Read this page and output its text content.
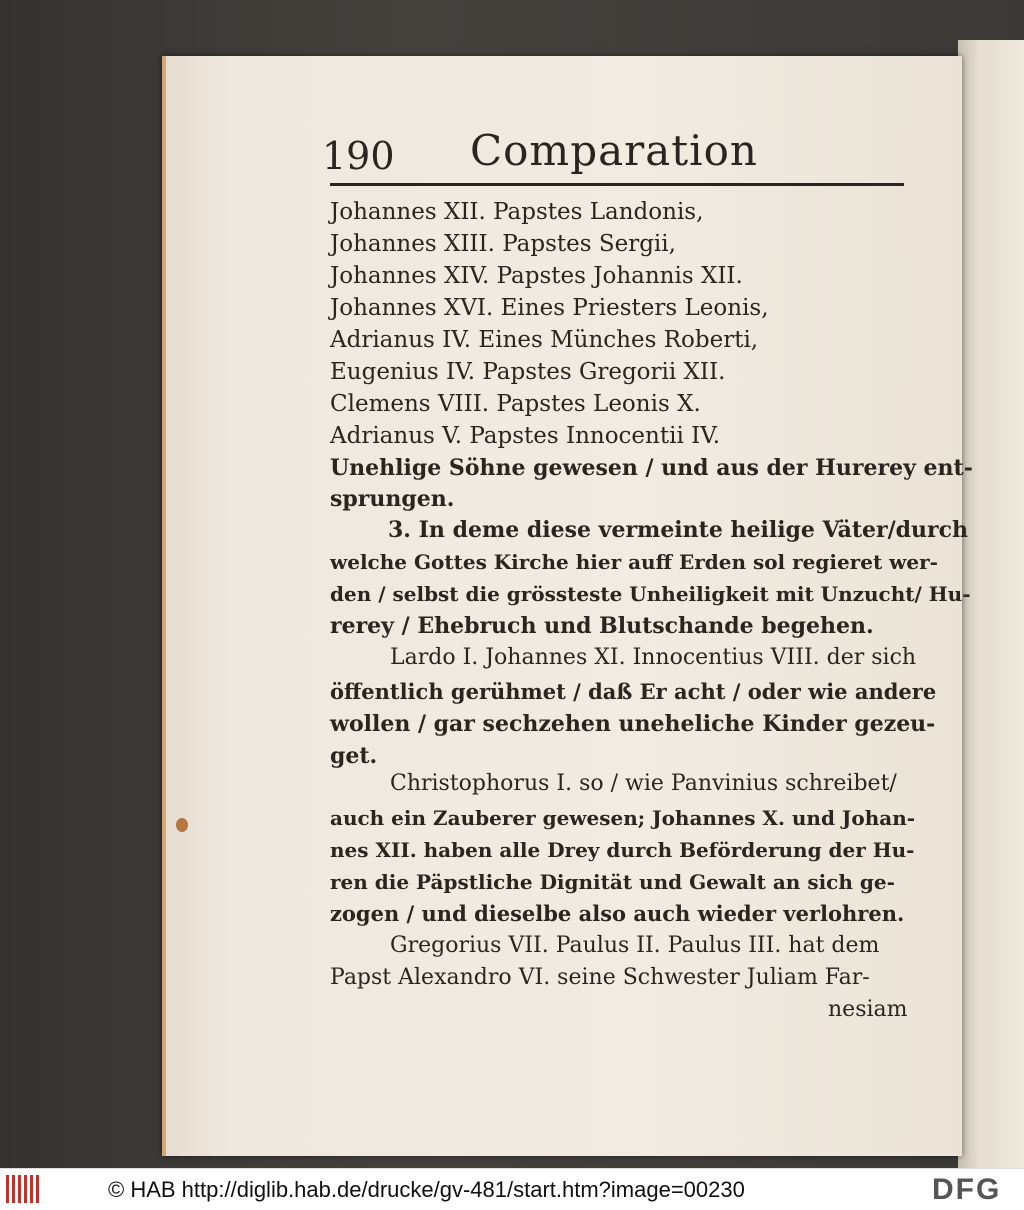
190 Comparation
Johannes XII. Papstes Landonis,
Johannes XIII. Papstes Sergii,
Johannes XIV. Papstes Johannis XII.
Johannes XVI. Eines Priesters Leonis,
Adrianus IV. Eines Münches Roberti,
Eugenius IV. Papstes Gregorii XII.
Clemens VIII. Papstes Leonis X.
Adrianus V. Papstes Innocentii IV.
Unehlige Söhne gewesen / und aus der Hurerey ent-
sprungen.
3. In deme diese vermeinte heilige Väter/durch
welche Gottes Kirche hier auff Erden sol regieret wer-
den / selbst die grössteste Unheiligkeit mit Unzucht/ Hu-
rerey / Ehebruch und Blutschande begehen.
Lardo I. Johannes XI. Innocentius VIII. der sich
öffentlich gerühmet / daß Er acht / oder wie andere
wollen / gar sechzehen uneheliche Kinder gezeu-
get.
Christophorus I. so / wie Panvinius schreibet/
auch ein Zauberer gewesen; Johannes X. und Johan-
nes XII. haben alle Drey durch Beförderung der Hu-
ren die Päpstliche Dignität und Gewalt an sich ge-
zogen / und dieselbe also auch wieder verlohren.
Gregorius VII. Paulus II. Paulus III. hat dem
Papst Alexandro VI. seine Schwester Juliam Far-
nesiam
© HAB http://diglib.hab.de/drucke/gv-481/start.htm?image=00230	DFG
